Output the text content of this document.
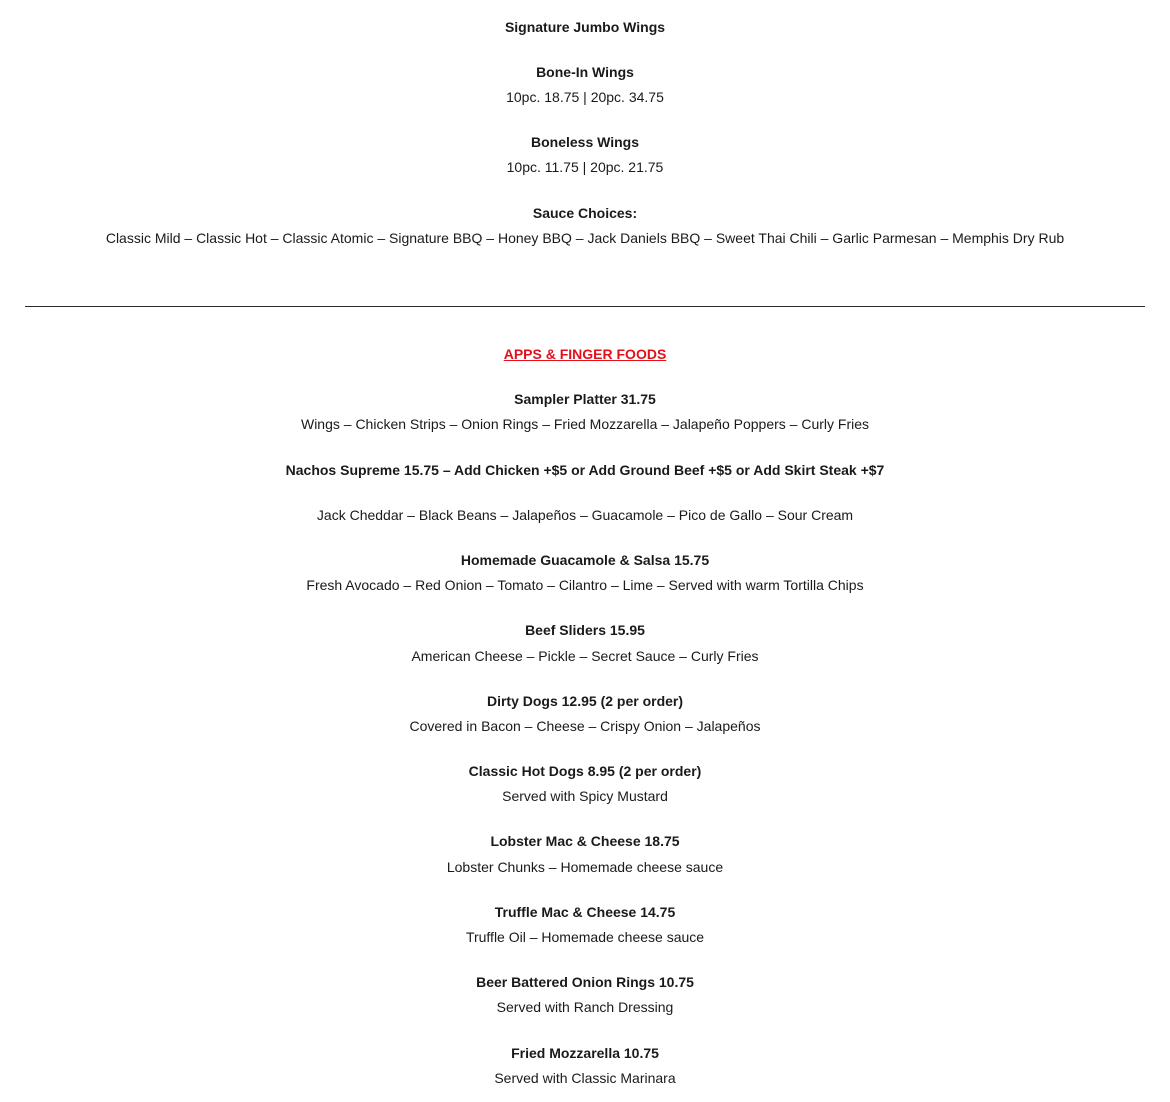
Signature Jumbo Wings
Bone-In Wings
10pc. 18.75 | 20pc. 34.75
Boneless Wings
10pc. 11.75 | 20pc. 21.75
Sauce Choices:
Classic Mild – Classic Hot – Classic Atomic – Signature BBQ – Honey BBQ – Jack Daniels BBQ – Sweet Thai Chili – Garlic Parmesan – Memphis Dry Rub
APPS & FINGER FOODS
Sampler Platter 31.75
Wings – Chicken Strips – Onion Rings – Fried Mozzarella – Jalapeño Poppers – Curly Fries
Nachos Supreme 15.75 – Add Chicken +$5 or Add Ground Beef +$5 or Add Skirt Steak +$7
Jack Cheddar – Black Beans – Jalapeños – Guacamole – Pico de Gallo – Sour Cream
Homemade Guacamole & Salsa 15.75
Fresh Avocado – Red Onion – Tomato – Cilantro – Lime – Served with warm Tortilla Chips
Beef Sliders 15.95
American Cheese – Pickle – Secret Sauce – Curly Fries
Dirty Dogs 12.95 (2 per order)
Covered in Bacon – Cheese – Crispy Onion – Jalapeños
Classic Hot Dogs 8.95 (2 per order)
Served with Spicy Mustard
Lobster Mac & Cheese 18.75
Lobster Chunks – Homemade cheese sauce
Truffle Mac & Cheese 14.75
Truffle Oil – Homemade cheese sauce
Beer Battered Onion Rings 10.75
Served with Ranch Dressing
Fried Mozzarella 10.75
Served with Classic Marinara
